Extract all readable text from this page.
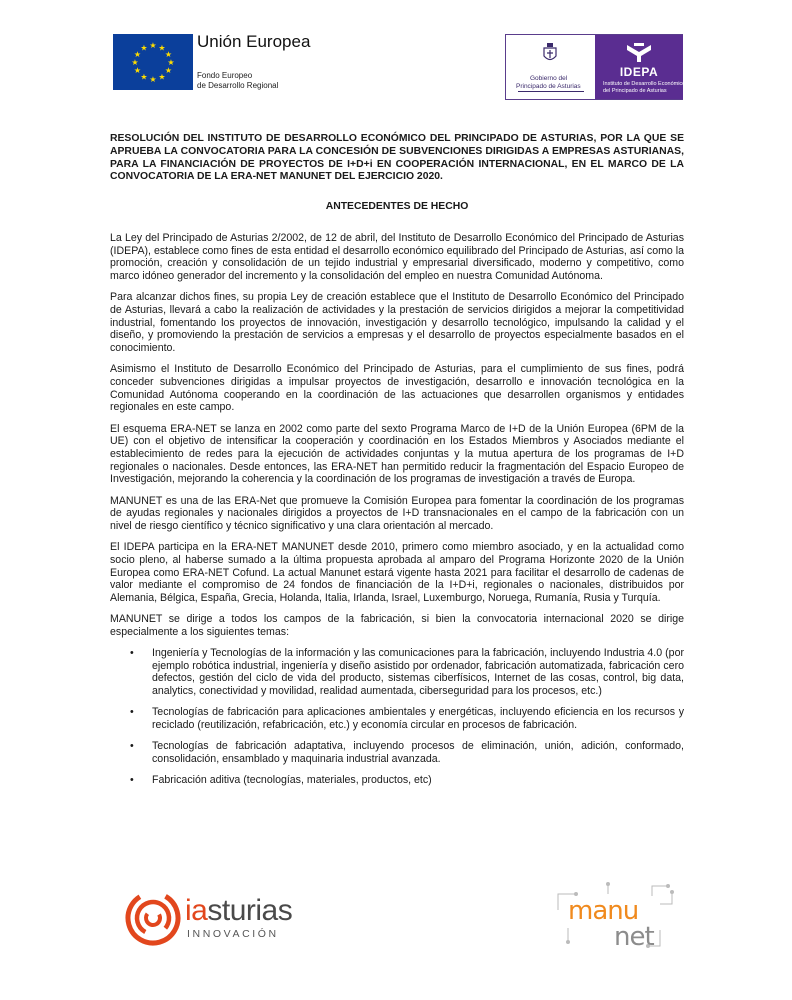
★ ★
★
★
★
★
★
★
★
★
★
★	Unión Europea
Fondo Europeo
de Desarrollo Regional
Gobierno del
Principado de Asturias
IDEPA
Instituto de Desarrollo Económico
del Principado de Asturias

RESOLUCIÓN DEL INSTITUTO DE DESARROLLO ECONÓMICO DEL PRINCIPADO DE ASTURIAS, POR LA QUE SE APRUEBA LA CONVOCATORIA PARA LA CONCESIÓN DE SUBVENCIONES DIRIGIDAS A EMPRESAS ASTURIANAS, PARA LA FINANCIACIÓN DE PROYECTOS DE I+D+i EN COOPERACIÓN INTERNACIONAL, EN EL MARCO DE LA CONVOCATORIA DE LA ERA-NET MANUNET DEL EJERCICIO 2020.

ANTECEDENTES DE HECHO

La Ley del Principado de Asturias 2/2002, de 12 de abril, del Instituto de Desarrollo Económico del Principado de Asturias (IDEPA), establece como fines de esta entidad el desarrollo económico equilibrado del Principado de Asturias, así como la promoción, creación y consolidación de un tejido industrial y empresarial diversificado, moderno y competitivo, como marco idóneo generador del incremento y la consolidación del empleo en nuestra Comunidad Autónoma.

Para alcanzar dichos fines, su propia Ley de creación establece que el Instituto de Desarrollo Económico del Principado de Asturias, llevará a cabo la realización de actividades y la prestación de servicios dirigidos a mejorar la competitividad industrial, fomentando los proyectos de innovación, investigación y desarrollo tecnológico, impulsando la calidad y el diseño, y promoviendo la prestación de servicios a empresas y el desarrollo de proyectos especialmente basados en el conocimiento.

Asimismo el Instituto de Desarrollo Económico del Principado de Asturias, para el cumplimiento de sus fines, podrá conceder subvenciones dirigidas a impulsar proyectos de investigación, desarrollo e innovación tecnológica en la Comunidad Autónoma cooperando en la coordinación de las actuaciones que desarrollen organismos y entidades regionales en este campo.

El esquema ERA-NET se lanza en 2002 como parte del sexto Programa Marco de I+D de la Unión Europea (6PM de la UE) con el objetivo de intensificar la cooperación y coordinación en los Estados Miembros y Asociados mediante el establecimiento de redes para la ejecución de actividades conjuntas y la mutua apertura de los programas de I+D regionales o nacionales. Desde entonces, las ERA-NET han permitido reducir la fragmentación del Espacio Europeo de Investigación, mejorando la coherencia y la coordinación de los programas de investigación a través de Europa.

MANUNET es una de las ERA-Net que promueve la Comisión Europea para fomentar la coordinación de los programas de ayudas regionales y nacionales dirigidos a proyectos de I+D transnacionales en el campo de la fabricación con un nivel de riesgo científico y técnico significativo y una clara orientación al mercado.

El IDEPA participa en la ERA-NET MANUNET desde 2010, primero como miembro asociado, y en la actualidad como socio pleno, al haberse sumado a la última propuesta aprobada al amparo del Programa Horizonte 2020 de la Unión Europea como ERA-NET Cofund. La actual Manunet estará vigente hasta 2021 para facilitar el desarrollo de cadenas de valor mediante el compromiso de 24 fondos de financiación de la I+D+i, regionales o nacionales, distribuidos por Alemania, Bélgica, España, Grecia, Holanda, Italia, Irlanda, Israel, Luxemburgo, Noruega, Rumanía, Rusia y Turquía.

MANUNET se dirige a todos los campos de la fabricación, si bien la convocatoria internacional 2020 se dirige especialmente a los siguientes temas:

• Ingeniería y Tecnologías de la información y las comunicaciones para la fabricación, incluyendo Industria 4.0 (por ejemplo robótica industrial, ingeniería y diseño asistido por ordenador, fabricación automatizada, fabricación cero defectos, gestión del ciclo de vida del producto, sistemas ciberfísicos, Internet de las cosas, control, big data, analytics, conectividad y movilidad, realidad aumentada, ciberseguridad para los procesos, etc.)
• Tecnologías de fabricación para aplicaciones ambientales y energéticas, incluyendo eficiencia en los recursos y reciclado (reutilización, refabricación, etc.) y economía circular en procesos de fabricación.
• Tecnologías de fabricación adaptativa, incluyendo procesos de eliminación, unión, adición, conformado, consolidación, ensamblado y maquinaria industrial avanzada.
• Fabricación aditiva (tecnologías, materiales, productos, etc)
iasturias
INNOVACIÓN
manu
net
